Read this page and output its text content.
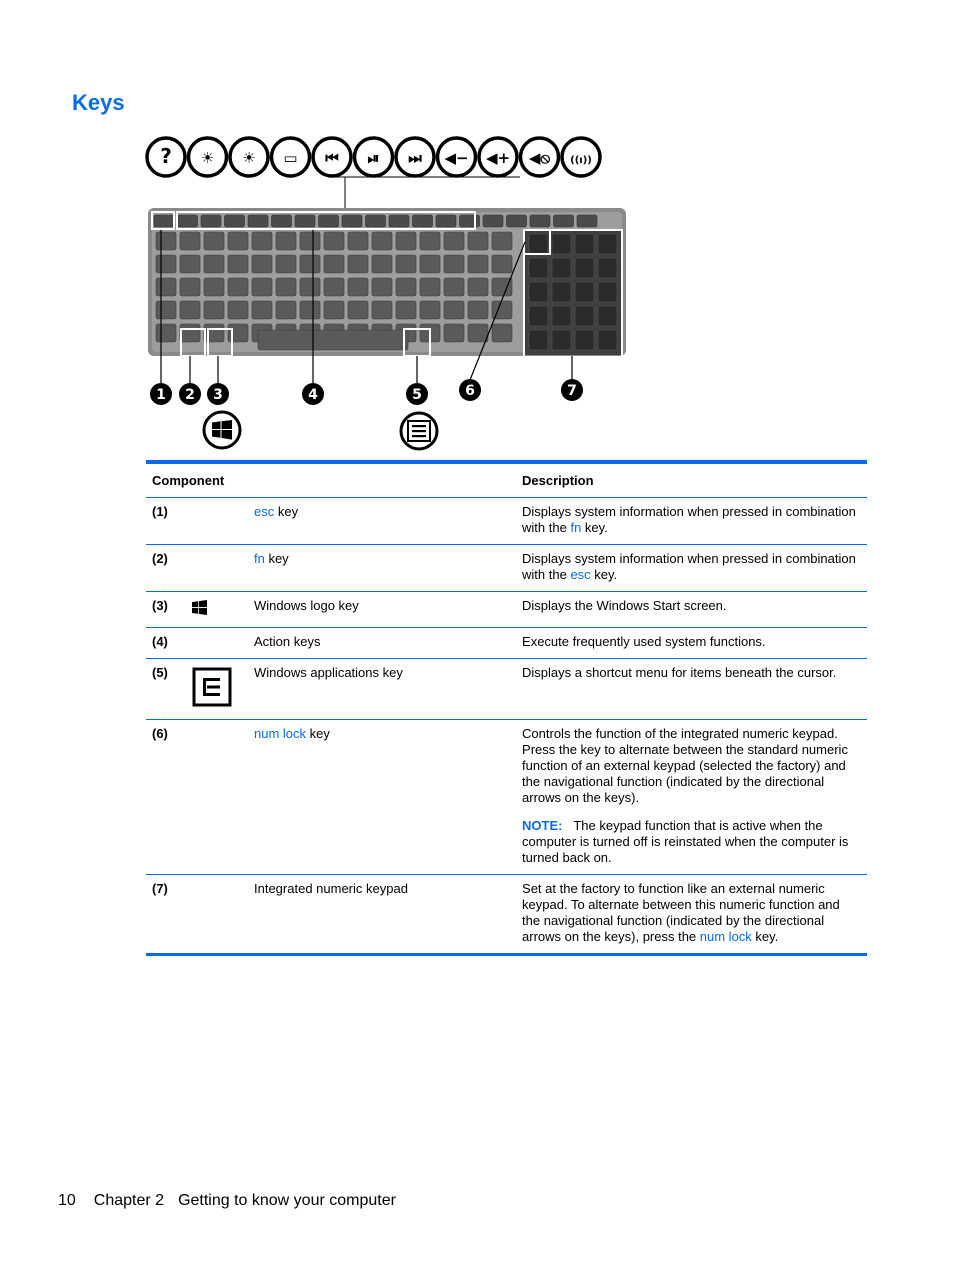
Keys
? ☀ ☀ ▭ ⏮ ⏯ ⏭ ◀− ◀+ ◀⦸ ((ı))
1 2 3	4	5	6	7
Component			Description
(1)		esc key	Displays system information when pressed in combination with the fn key.

(2)		fn key	Displays system information when pressed in combination with the esc key.

(3)		Windows logo key	Displays the Windows Start screen.

(4)		Action keys	Execute frequently used system functions.

(5)		Windows applications key	Displays a shortcut menu for items beneath the cursor.

(6)		num lock key	Controls the function of the integrated numeric keypad. Press the key to alternate between the standard numeric function of an external keypad (selected the factory) and the navigational function (indicated by the directional arrows on the keys).

NOTE: The keypad function that is active when the computer is turned off is reinstated when the computer is turned back on.

(7)		Integrated numeric keypad	Set at the factory to function like an external numeric keypad. To alternate between this numeric function and the navigational function (indicated by the directional arrows on the keys), press the num lock key.

10 Chapter 2 Getting to know your computer
